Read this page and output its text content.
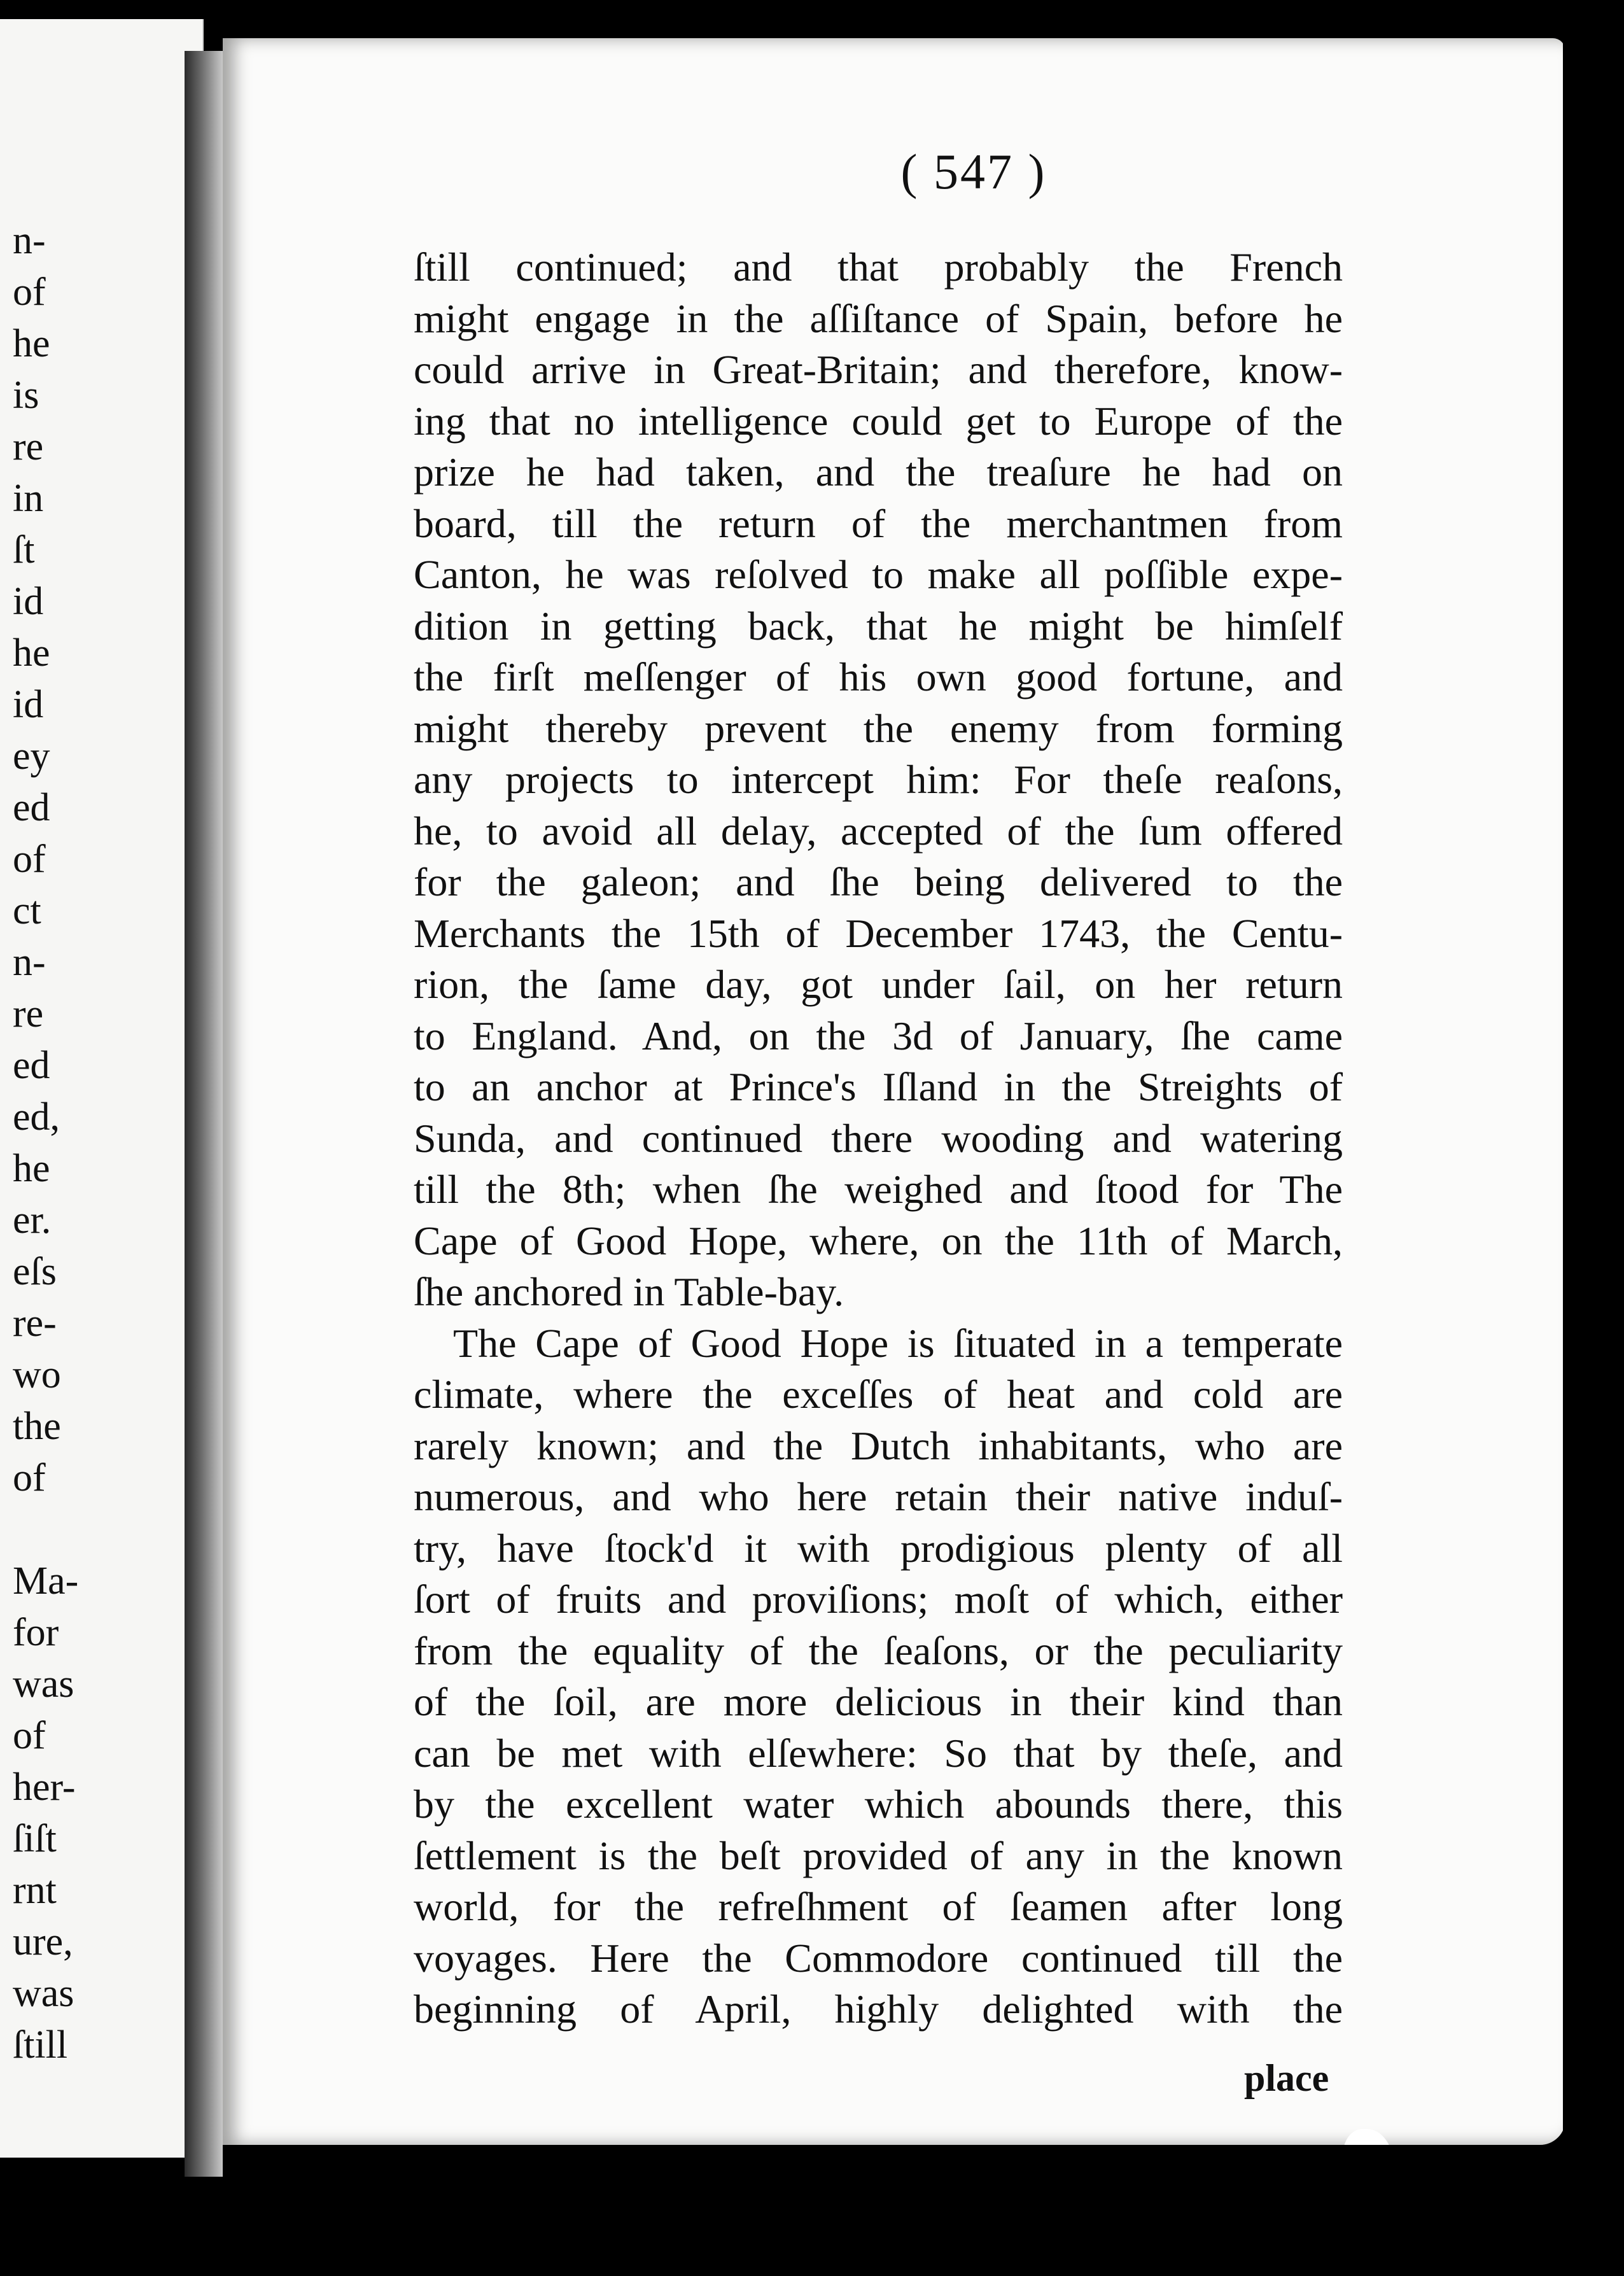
n-
of
he
is
re
in
ſt
id
he
id
ey
ed
of
ct
n-
re
ed
ed,
he
er.
eſs
re-
wo
the
of
Ma-
for
was
of
her-
ſiſt
rnt
ure,
was
ſtill
( 547 )
ſtill continued; and that probably the French
might engage in the aſſiſtance of Spain, before he
could arrive in Great-Britain; and therefore, know-
ing that no intelligence could get to Europe of the
prize he had taken, and the treaſure he had on
board, till the return of the merchantmen from
Canton, he was reſolved to make all poſſible expe-
dition in getting back, that he might be himſelf
the firſt meſſenger of his own good fortune, and
might thereby prevent the enemy from forming
any projects to intercept him: For theſe reaſons,
he, to avoid all delay, accepted of the ſum offered
for the galeon; and ſhe being delivered to the
Merchants the 15th of December 1743, the Centu-
rion, the ſame day, got under ſail, on her return
to England. And, on the 3d of January, ſhe came
to an anchor at Prince's Iſland in the Streights of
Sunda, and continued there wooding and watering
till the 8th; when ſhe weighed and ſtood for The
Cape of Good Hope, where, on the 11th of March,
ſhe anchored in Table-bay.
The Cape of Good Hope is ſituated in a temperate
climate, where the exceſſes of heat and cold are
rarely known; and the Dutch inhabitants, who are
numerous, and who here retain their native induſ-
try, have ſtock'd it with prodigious plenty of all
ſort of fruits and proviſions; moſt of which, either
from the equality of the ſeaſons, or the peculiarity
of the ſoil, are more delicious in their kind than
can be met with elſewhere: So that by theſe, and
by the excellent water which abounds there, this
ſettlement is the beſt provided of any in the known
world, for the refreſhment of ſeamen after long
voyages. Here the Commodore continued till the
beginning of April, highly delighted with the
place
